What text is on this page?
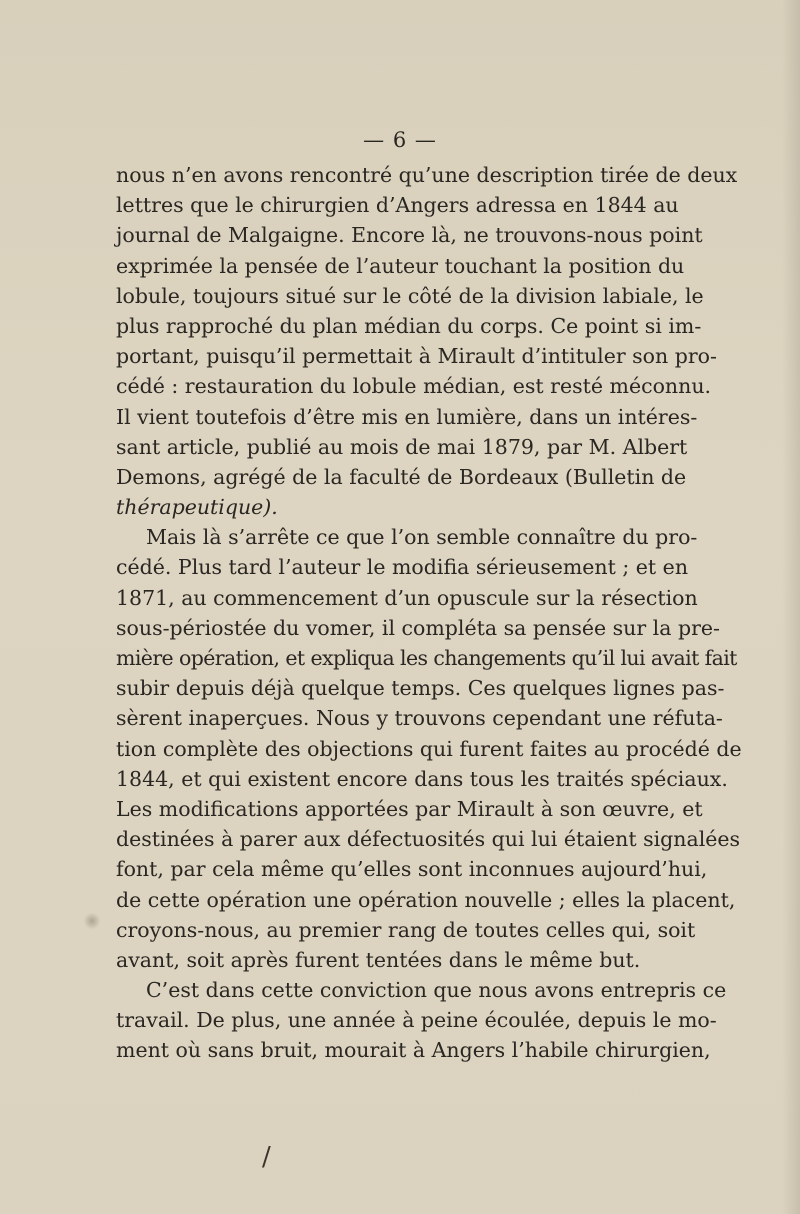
— 6 —
nous n’en avons rencontré qu’une description tirée de deux
lettres que le chirurgien d’Angers adressa en 1844 au
journal de Malgaigne. Encore là, ne trouvons-nous point
exprimée la pensée de l’auteur touchant la position du
lobule, toujours situé sur le côté de la division labiale, le
plus rapproché du plan médian du corps. Ce point si im-
portant, puisqu’il permettait à Mirault d’intituler son pro-
cédé : restauration du lobule médian, est resté méconnu.
Il vient toutefois d’être mis en lumière, dans un intéres-
sant article, publié au mois de mai 1879, par M. Albert
Demons, agrégé de la faculté de Bordeaux (Bulletin de
thérapeutique).
Mais là s’arrête ce que l’on semble connaître du pro-
cédé. Plus tard l’auteur le modifia sérieusement ; et en
1871, au commencement d’un opuscule sur la résection
sous-périostée du vomer, il compléta sa pensée sur la pre-
mière opération, et expliqua les changements qu’il lui avait fait
subir depuis déjà quelque temps. Ces quelques lignes pas-
sèrent inaperçues. Nous y trouvons cependant une réfuta-
tion complète des objections qui furent faites au procédé de
1844, et qui existent encore dans tous les traités spéciaux.
Les modifications apportées par Mirault à son œuvre, et
destinées à parer aux défectuosités qui lui étaient signalées
font, par cela même qu’elles sont inconnues aujourd’hui,
de cette opération une opération nouvelle ; elles la placent,
croyons-nous, au premier rang de toutes celles qui, soit
avant, soit après furent tentées dans le même but.
C’est dans cette conviction que nous avons entrepris ce
travail. De plus, une année à peine écoulée, depuis le mo-
ment où sans bruit, mourait à Angers l’habile chirurgien,
/
